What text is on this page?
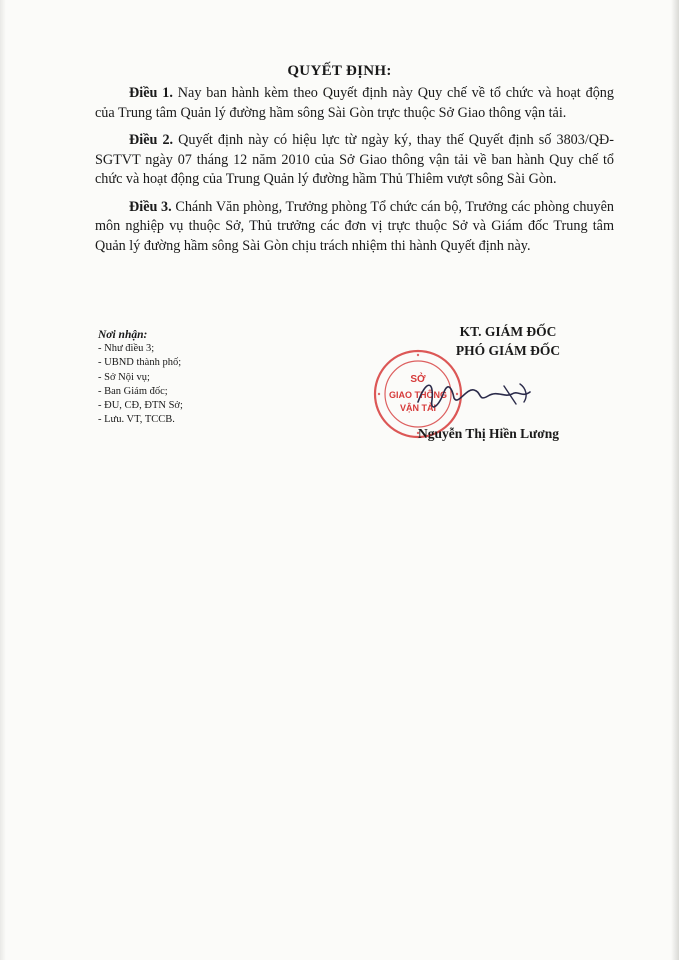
QUYẾT ĐỊNH:

Điều 1. Nay ban hành kèm theo Quyết định này Quy chế về tổ chức và hoạt động của Trung tâm Quản lý đường hầm sông Sài Gòn trực thuộc Sở Giao thông vận tải.

Điều 2. Quyết định này có hiệu lực từ ngày ký, thay thế Quyết định số 3803/QĐ-SGTVT ngày 07 tháng 12 năm 2010 của Sở Giao thông vận tải về ban hành Quy chế tổ chức và hoạt động của Trung Quản lý đường hầm Thủ Thiêm vượt sông Sài Gòn.

Điều 3. Chánh Văn phòng, Trưởng phòng Tổ chức cán bộ, Trưởng các phòng chuyên môn nghiệp vụ thuộc Sở, Thủ trưởng các đơn vị trực thuộc Sở và Giám đốc Trung tâm Quản lý đường hầm sông Sài Gòn chịu trách nhiệm thi hành Quyết định này.

Nơi nhận:
- Như điều 3;
- UBND thành phố;
- Sở Nội vụ;
- Ban Giám đốc;
- ĐU, CĐ, ĐTN Sở;
- Lưu. VT, TCCB.
KT. GIÁM ĐỐC
PHÓ GIÁM ĐỐC
SỞ
GIAO THÔNG
VẬN TẢI
Nguyễn Thị Hiền Lương
